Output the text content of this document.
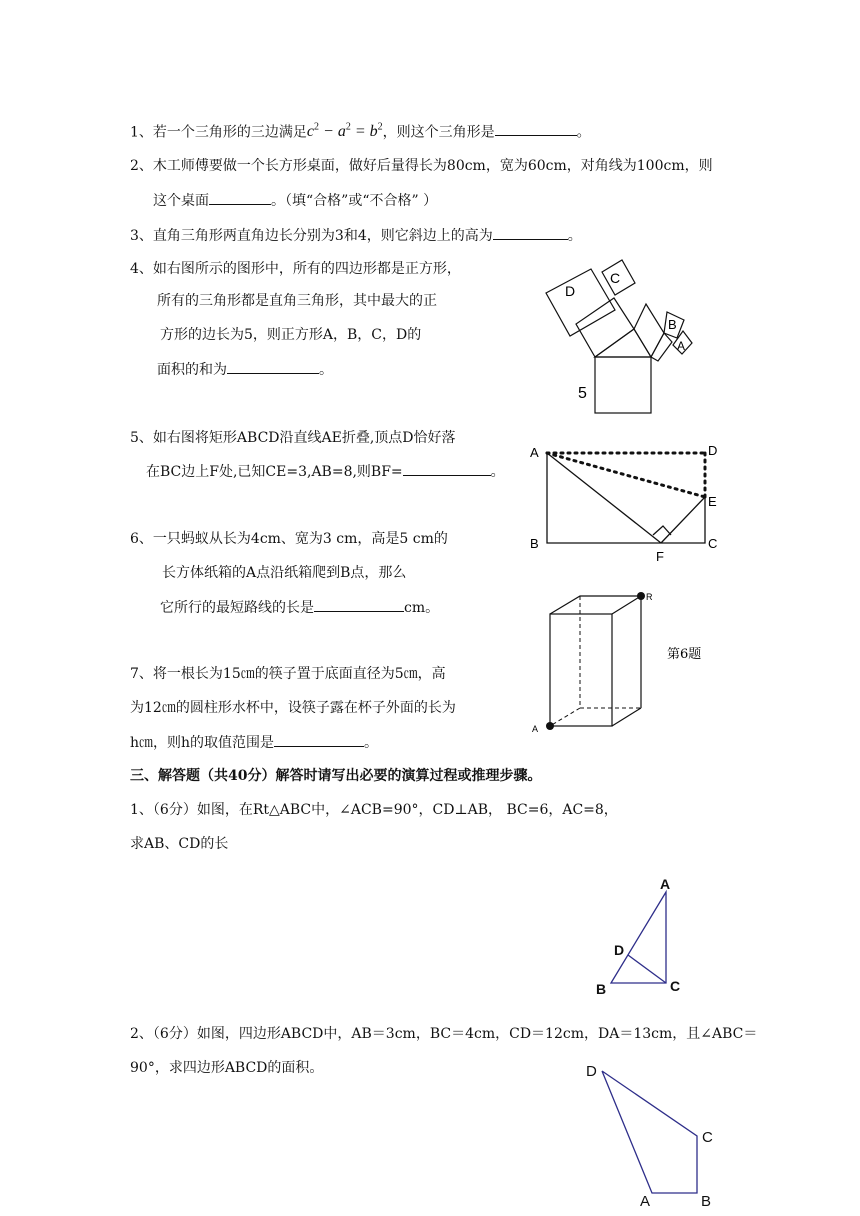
1、若一个三角形的三边满足$c^2 - a^2 = b^2$，则这个三角形是	。
2、木工师傅要做一个长方形桌面，做好后量得长为80cm，宽为60cm，对角线为100cm，则
这个桌面	。（填“合格”或“不合格” ）
3、直角三角形两直角边长分别为3和4，则它斜边上的高为	。
4、如右图所示的图形中，所有的四边形都是正方形，
所有的三角形都是直角三角形，其中最大的正
方形的边长为5，则正方形A，B，C，D的
面积的和为	。
D
C
B
A
5
5、如右图将矩形ABCD沿直线AE折叠,顶点D恰好落
在BC边上F处,已知CE=3,AB=8,则BF=	。
A	D
E
B
F
C
6、一只蚂蚁从长为4cm、宽为3 cm，高是5 cm的
长方体纸箱的A点沿纸箱爬到B点，那么
它所行的最短路线的长是	cm。
R
A
第6题
7、将一根长为15㎝的筷子置于底面直径为5㎝，高
为12㎝的圆柱形水杯中，设筷子露在杯子外面的长为
h㎝，则h的取值范围是	。
三、解答题（共40分）解答时请写出必要的演算过程或推理步骤。
1、（6分）如图，在Rt△ABC中，∠ACB=90°，CD⊥AB， BC=6，AC=8，
求AB、CD的长
A
D
B	C
2、（6分）如图，四边形ABCD中，AB＝3cm，BC＝4cm，CD＝12cm，DA＝13cm，且∠ABC＝
90°，求四边形ABCD的面积。	D
C
A	B
